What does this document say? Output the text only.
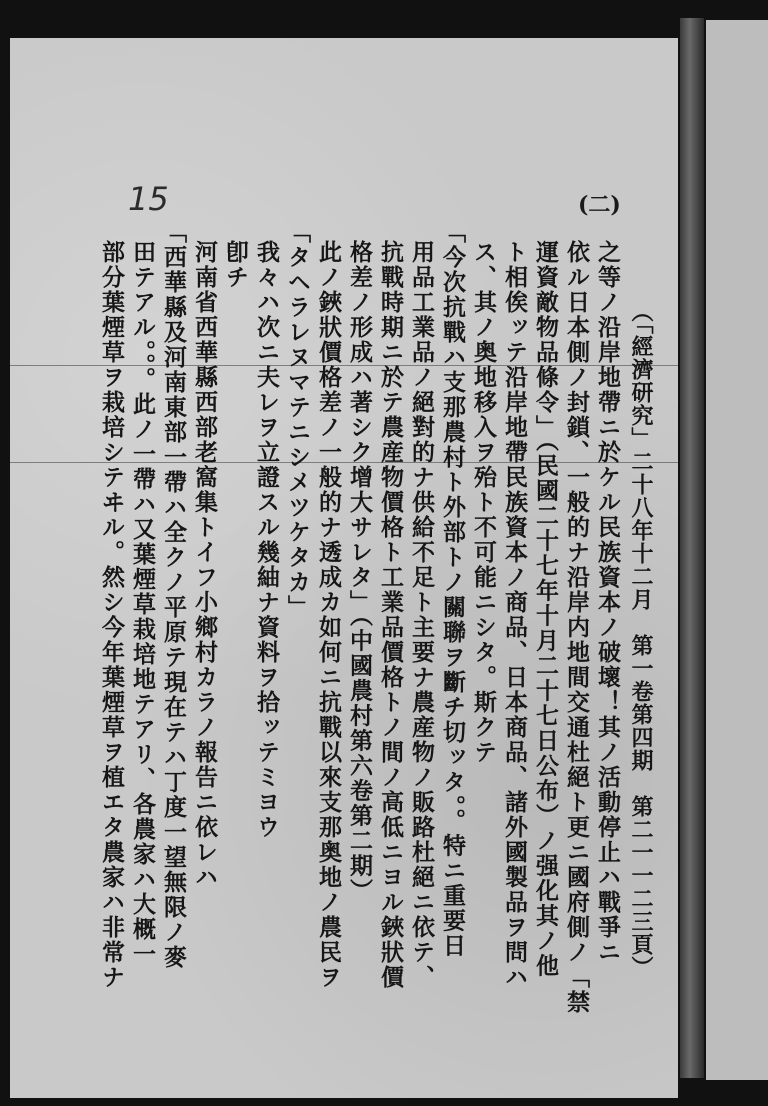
15	(二)
（「經濟研究」二十八年十二月　第一卷第四期　第二一一二三頁）
之等ノ沿岸地帶ニ於ケル民族資本ノ破壞！其ノ活動停止ハ戰爭ニ
依ル日本側ノ封鎖、一般的ナ沿岸内地間交通杜絕ト更ニ國府側ノ「禁
運資敵物品條令」（民國二十七年十月二十七日公布）ノ强化其ノ他
ト相俟ッテ沿岸地帶民族資本ノ商品、日本商品、諸外國製品ヲ問ハ
ス、其ノ奥地移入ヲ殆ト不可能ニシタ。斯クテ
「今次抗戰ハ支那農村ト外部トノ關聯ヲ斷チ切ッタ。。特ニ重要日
用品工業品ノ絕對的ナ供給不足ト主要ナ農産物ノ販路杜絕ニ依テ、
抗戰時期ニ於テ農産物價格ト工業品價格トノ間ノ高低ニヨル鋏狀價
格差ノ形成ハ著シク增大サレタ」（中國農村第六卷第二期）
此ノ鋏狀價格差ノ一般的ナ透成カ如何ニ抗戰以來支那奥地ノ農民ヲ
「タヘラレヌマテニシメツケタカ」
我々ハ次ニ夫レヲ立證スル幾紬ナ資料ヲ拾ッテミヨウ
卽チ
河南省西華縣西部老窩集トイフ小鄉村カラノ報告ニ依レハ
「西華縣及河南東部一帶ハ全クノ平原テ現在テハ丁度一望無限ノ麥
田テアル。。。此ノ一帶ハ又葉煙草栽培地テアリ、各農家ハ大概一
部分葉煙草ヲ栽培シテヰル。然シ今年葉煙草ヲ植エタ農家ハ非常ナ
